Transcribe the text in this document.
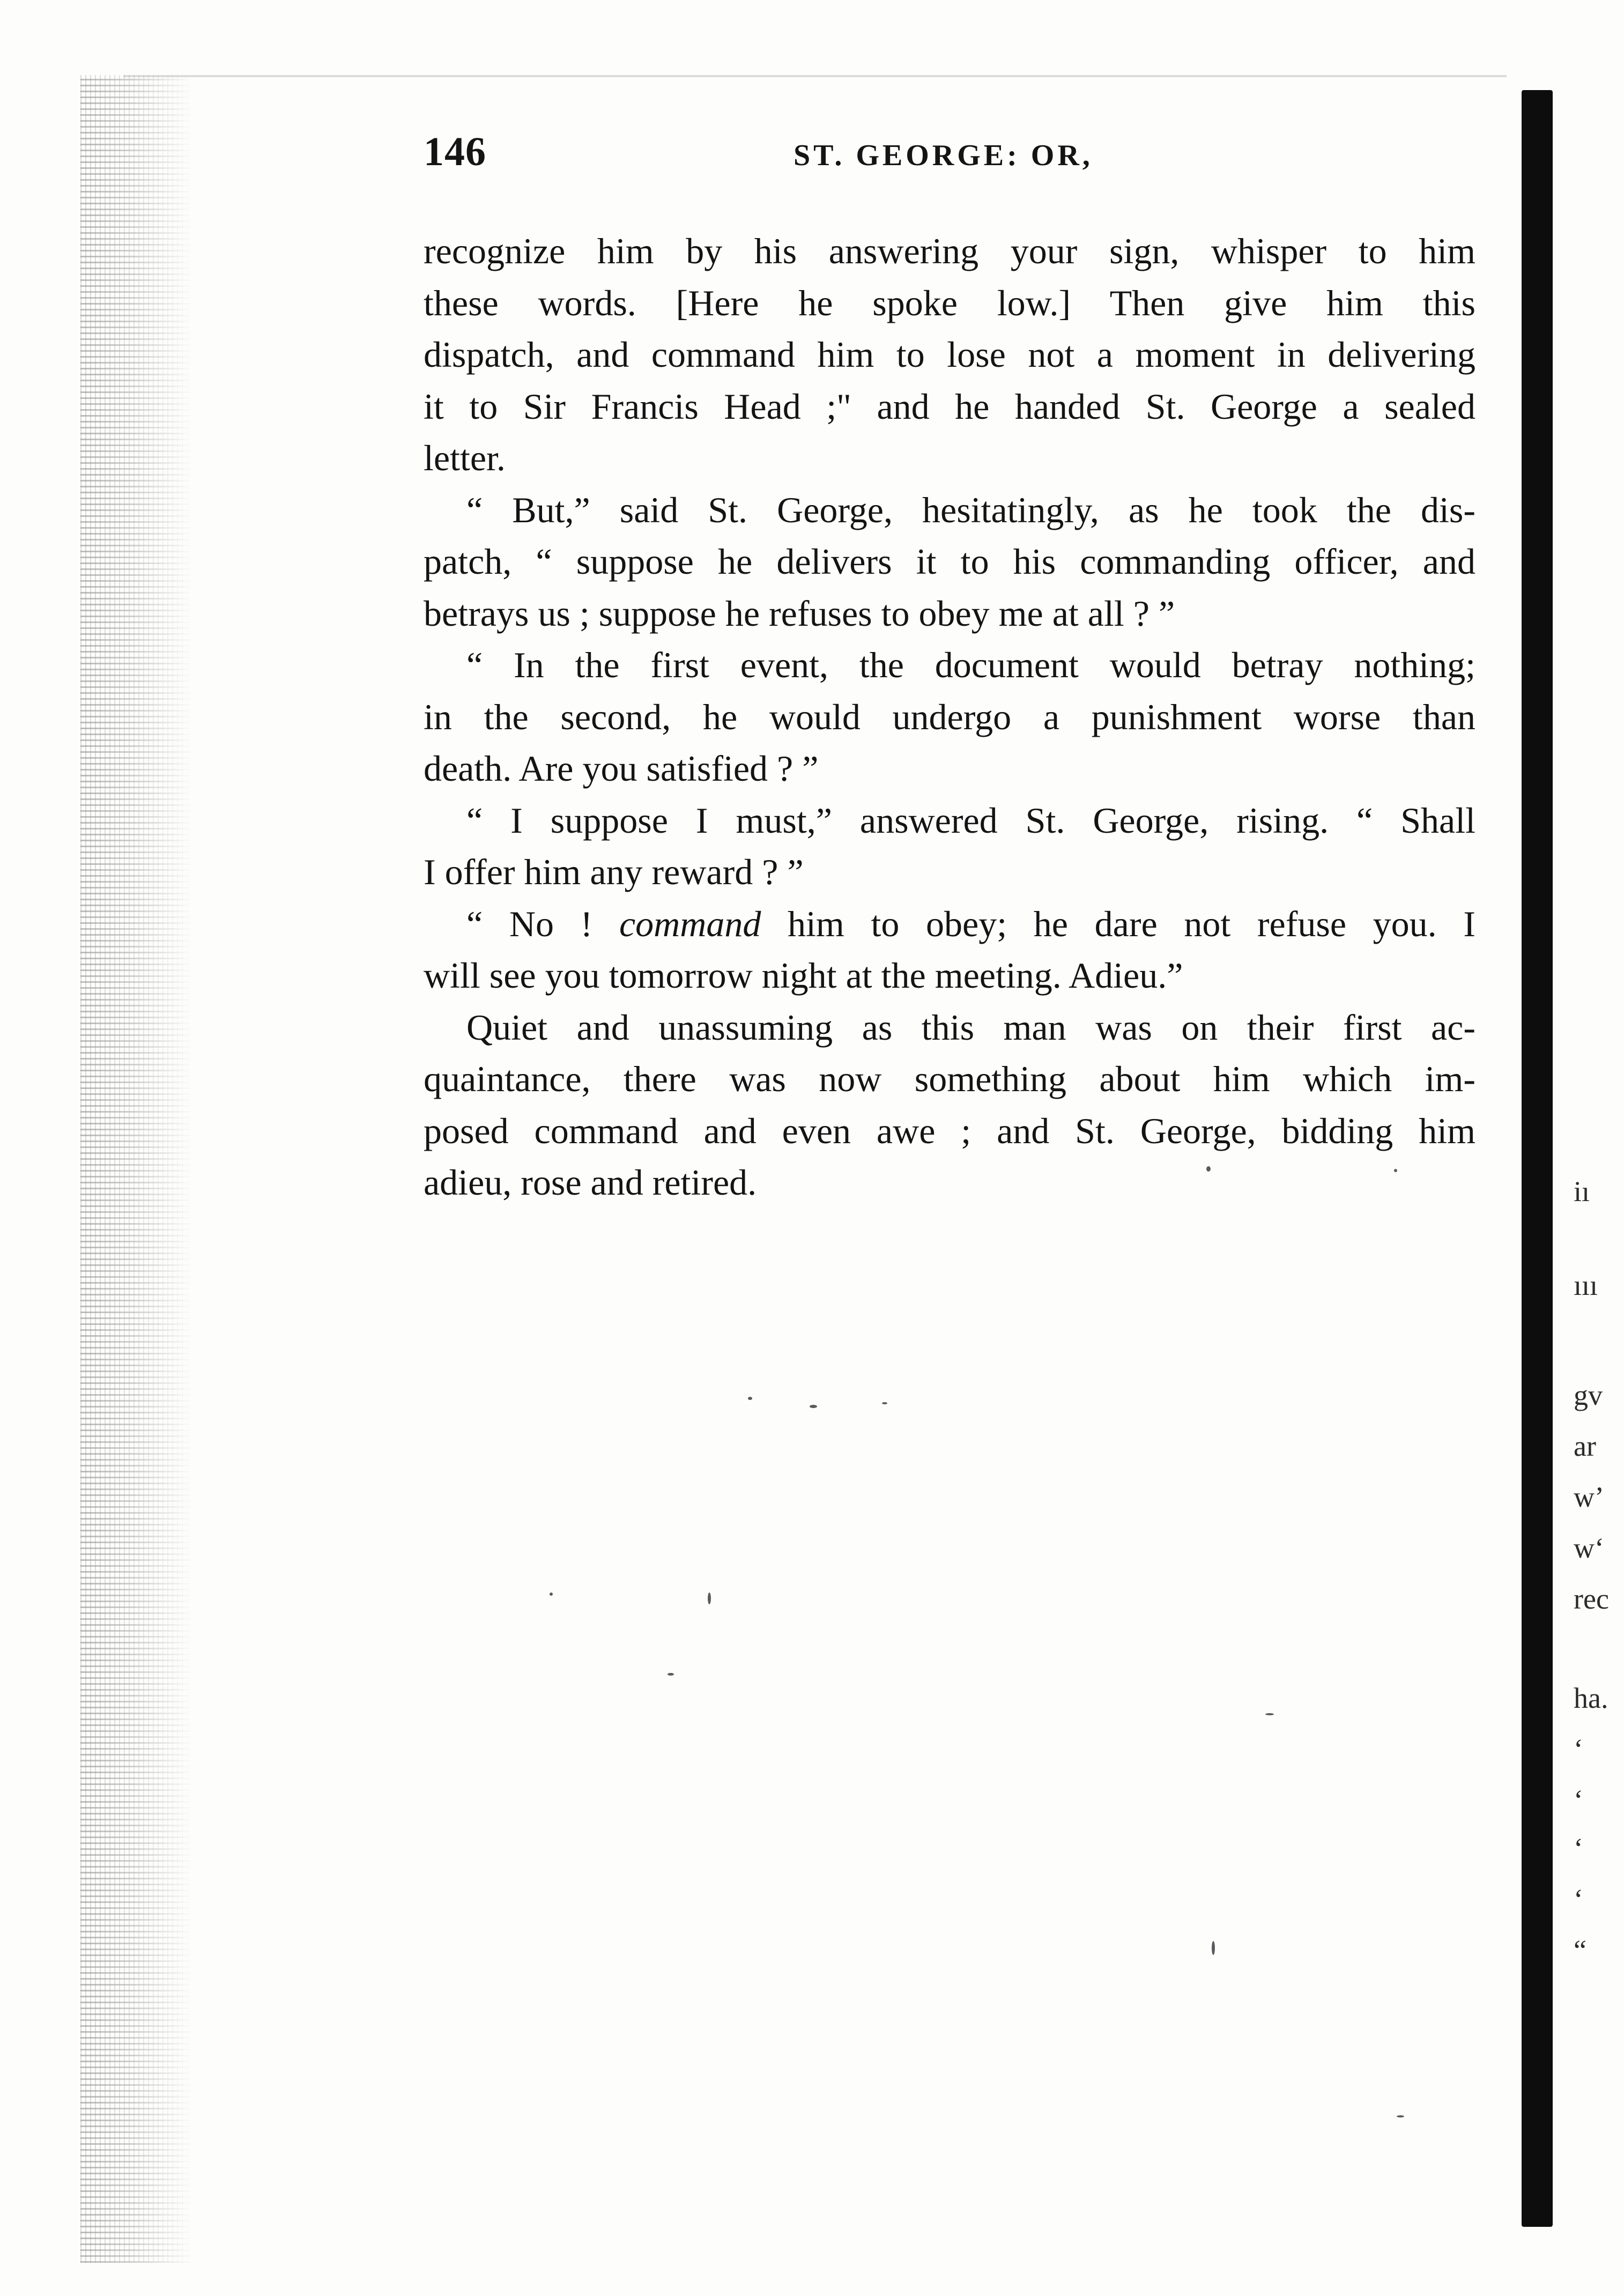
146	ST. GEORGE: OR,
recognize him by his answering your sign, whisper to him
these words. [Here he spoke low.] Then give him this
dispatch, and command him to lose not a moment in delivering
it to Sir Francis Head ;" and he handed St. George a sealed
letter.
“ But,” said St. George, hesitatingly, as he took the dis-
patch, “ suppose he delivers it to his commanding officer, and
betrays us ; suppose he refuses to obey me at all ? ”
“ In the first event, the document would betray nothing;
in the second, he would undergo a punishment worse than
death. Are you satisfied ? ”
“ I suppose I must,” answered St. George, rising. “ Shall
I offer him any reward ? ”
“ No ! command him to obey; he dare not refuse you. I
will see you tomorrow night at the meeting. Adieu.”
Quiet and unassuming as this man was on their first ac-
quaintance, there was now something about him which im-
posed command and even awe ; and St. George, bidding him
adieu, rose and retired.	iı
ııı
gv
ar
w’
w‘
rec
ha.
‘
‘
‘
‘
“
